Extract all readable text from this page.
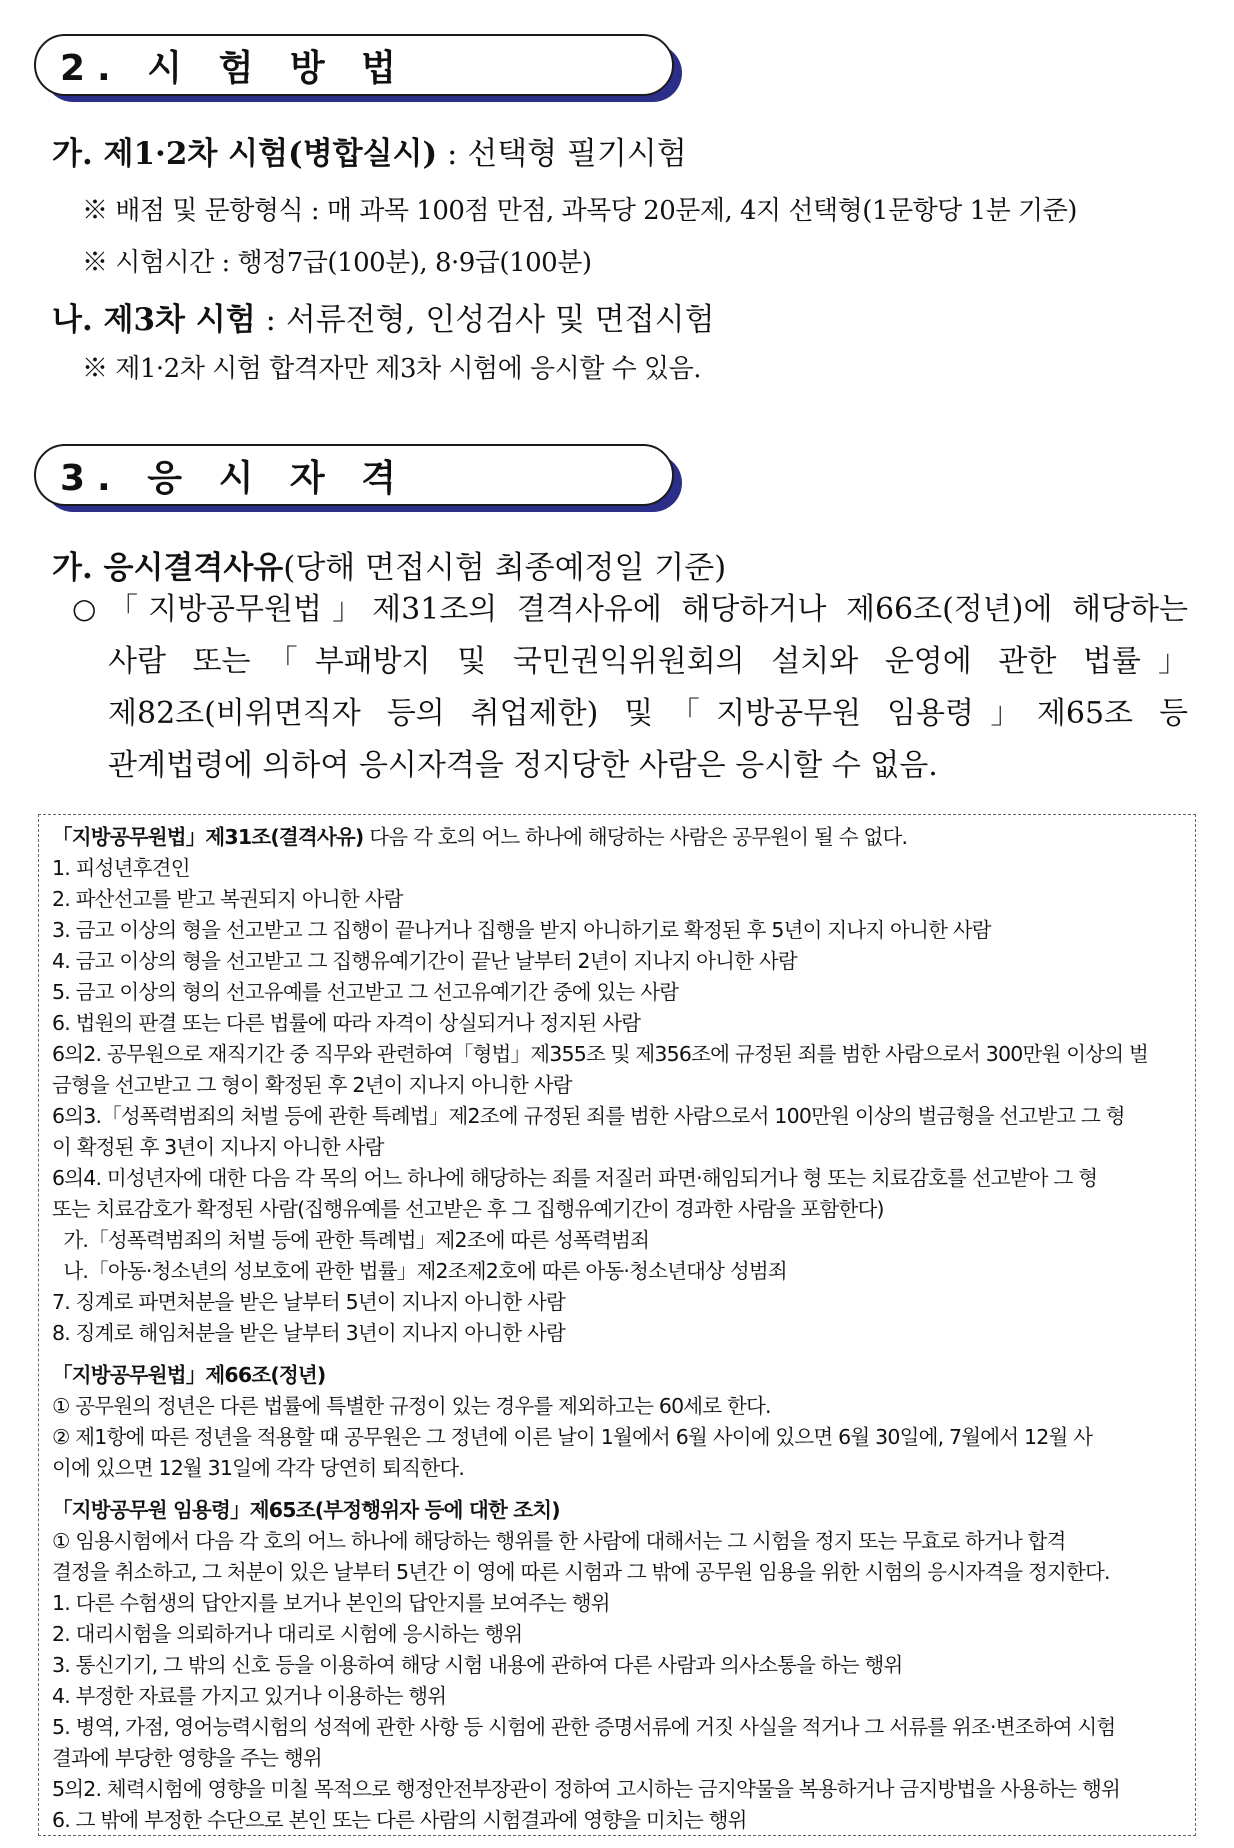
2. 시 험 방 법
가. 제1·2차 시험(병합실시) : 선택형 필기시험
※ 배점 및 문항형식 : 매 과목 100점 만점, 과목당 20문제, 4지 선택형(1문항당 1분 기준)
※ 시험시간 : 행정7급(100분), 8·9급(100분)
나. 제3차 시험 : 서류전형, 인성검사 및 면접시험
※ 제1·2차 시험 합격자만 제3차 시험에 응시할 수 있음.
3. 응 시 자 격
가. 응시결격사유(당해 면접시험 최종예정일 기준)
○ 「지방공무원법」제31조의 결격사유에 해당하거나 제66조(정년)에 해당하는
사람 또는「부패방지 및 국민권익위원회의 설치와 운영에 관한 법률」
제82조(비위면직자 등의 취업제한) 및「지방공무원 임용령」제65조 등
관계법령에 의하여 응시자격을 정지당한 사람은 응시할 수 없음.
「지방공무원법」제31조(결격사유) 다음 각 호의 어느 하나에 해당하는 사람은 공무원이 될 수 없다.
1. 피성년후견인
2. 파산선고를 받고 복권되지 아니한 사람
3. 금고 이상의 형을 선고받고 그 집행이 끝나거나 집행을 받지 아니하기로 확정된 후 5년이 지나지 아니한 사람
4. 금고 이상의 형을 선고받고 그 집행유예기간이 끝난 날부터 2년이 지나지 아니한 사람
5. 금고 이상의 형의 선고유예를 선고받고 그 선고유예기간 중에 있는 사람
6. 법원의 판결 또는 다른 법률에 따라 자격이 상실되거나 정지된 사람
6의2. 공무원으로 재직기간 중 직무와 관련하여「형법」제355조 및 제356조에 규정된 죄를 범한 사람으로서 300만원 이상의 벌
금형을 선고받고 그 형이 확정된 후 2년이 지나지 아니한 사람
6의3.「성폭력범죄의 처벌 등에 관한 특례법」제2조에 규정된 죄를 범한 사람으로서 100만원 이상의 벌금형을 선고받고 그 형
이 확정된 후 3년이 지나지 아니한 사람
6의4. 미성년자에 대한 다음 각 목의 어느 하나에 해당하는 죄를 저질러 파면·해임되거나 형 또는 치료감호를 선고받아 그 형
또는 치료감호가 확정된 사람(집행유예를 선고받은 후 그 집행유예기간이 경과한 사람을 포함한다)
가.「성폭력범죄의 처벌 등에 관한 특례법」제2조에 따른 성폭력범죄
나.「아동·청소년의 성보호에 관한 법률」제2조제2호에 따른 아동·청소년대상 성범죄
7. 징계로 파면처분을 받은 날부터 5년이 지나지 아니한 사람
8. 징계로 해임처분을 받은 날부터 3년이 지나지 아니한 사람
「지방공무원법」제66조(정년)
① 공무원의 정년은 다른 법률에 특별한 규정이 있는 경우를 제외하고는 60세로 한다.
② 제1항에 따른 정년을 적용할 때 공무원은 그 정년에 이른 날이 1월에서 6월 사이에 있으면 6월 30일에, 7월에서 12월 사
이에 있으면 12월 31일에 각각 당연히 퇴직한다.
「지방공무원 임용령」제65조(부정행위자 등에 대한 조치)
① 임용시험에서 다음 각 호의 어느 하나에 해당하는 행위를 한 사람에 대해서는 그 시험을 정지 또는 무효로 하거나 합격
결정을 취소하고, 그 처분이 있은 날부터 5년간 이 영에 따른 시험과 그 밖에 공무원 임용을 위한 시험의 응시자격을 정지한다.
1. 다른 수험생의 답안지를 보거나 본인의 답안지를 보여주는 행위
2. 대리시험을 의뢰하거나 대리로 시험에 응시하는 행위
3. 통신기기, 그 밖의 신호 등을 이용하여 해당 시험 내용에 관하여 다른 사람과 의사소통을 하는 행위
4. 부정한 자료를 가지고 있거나 이용하는 행위
5. 병역, 가점, 영어능력시험의 성적에 관한 사항 등 시험에 관한 증명서류에 거짓 사실을 적거나 그 서류를 위조·변조하여 시험
결과에 부당한 영향을 주는 행위
5의2. 체력시험에 영향을 미칠 목적으로 행정안전부장관이 정하여 고시하는 금지약물을 복용하거나 금지방법을 사용하는 행위
6. 그 밖에 부정한 수단으로 본인 또는 다른 사람의 시험결과에 영향을 미치는 행위
